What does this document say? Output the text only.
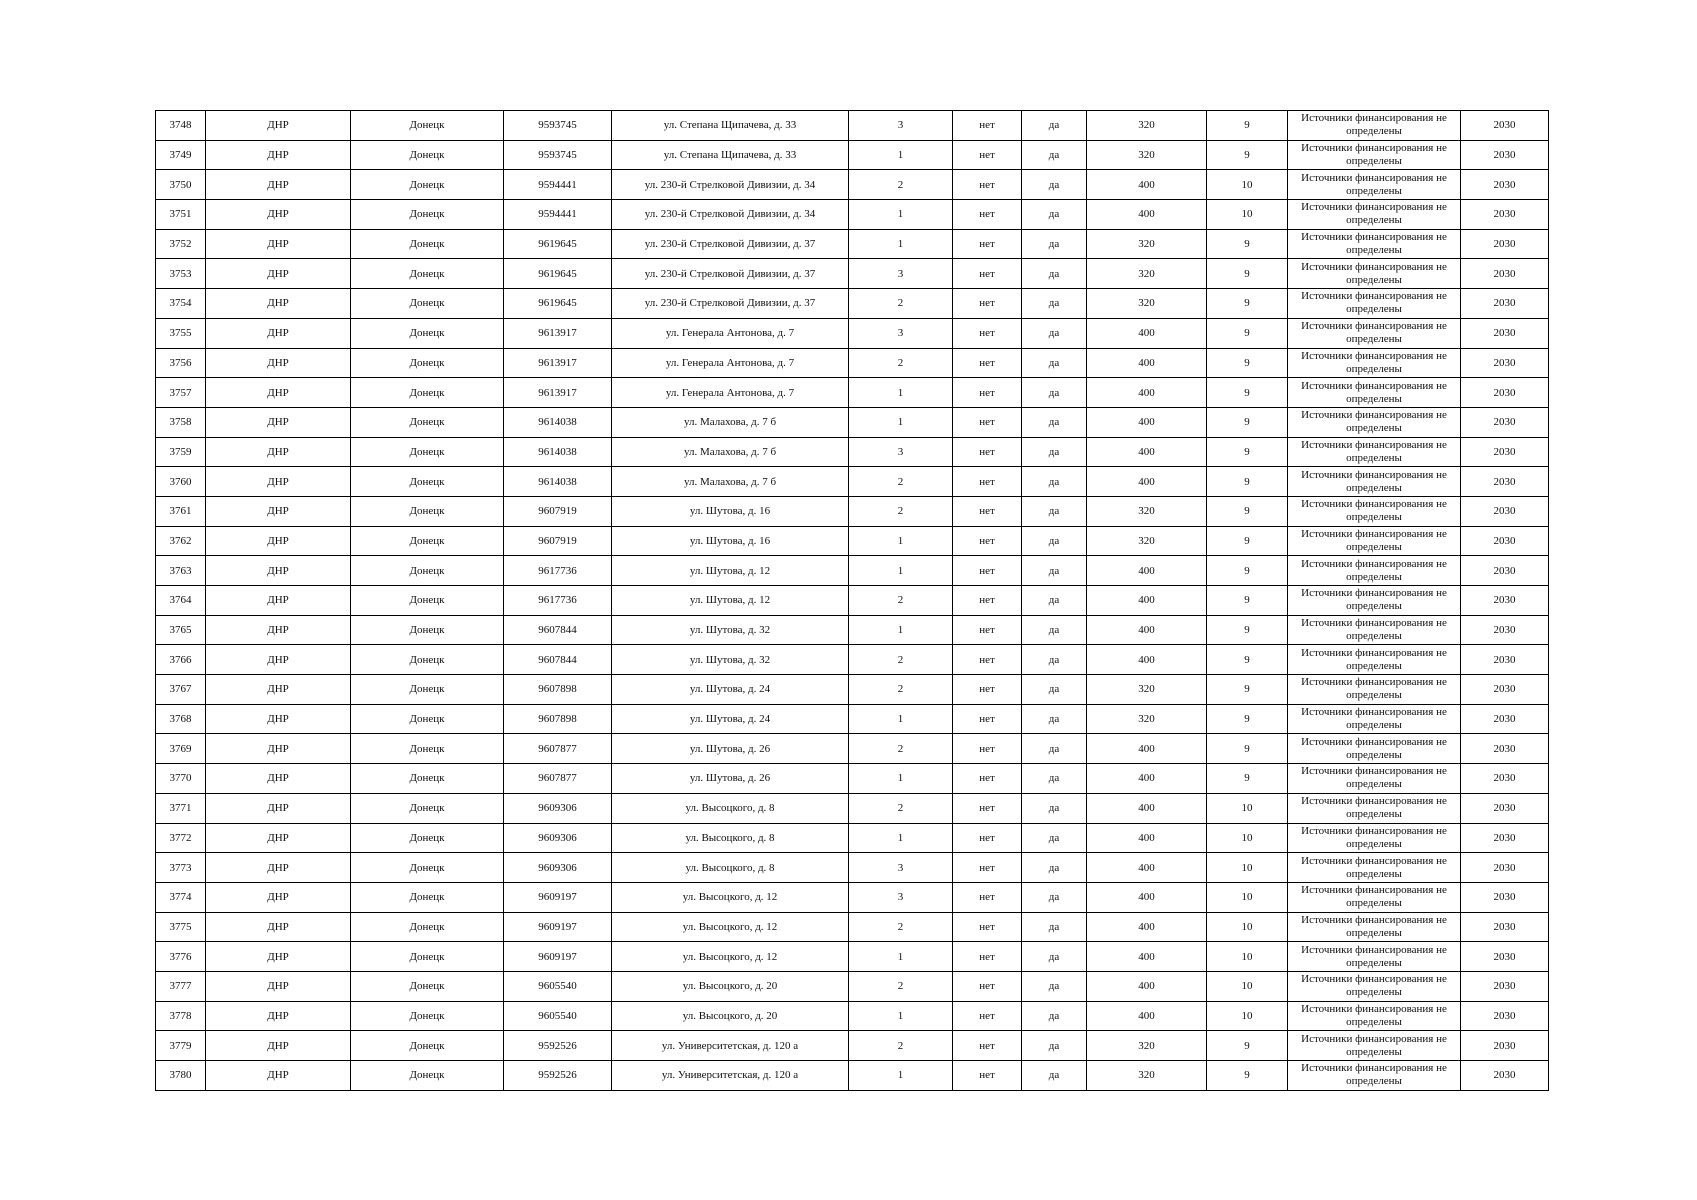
3748	ДНР	Донецк	9593745	ул. Степана Щипачева, д. 33	3	нет	да	320	9	Источники финансирования не определены	2030
3749	ДНР	Донецк	9593745	ул. Степана Щипачева, д. 33	1	нет	да	320	9	Источники финансирования не определены	2030
3750	ДНР	Донецк	9594441	ул. 230-й Стрелковой Дивизии, д. 34	2	нет	да	400	10	Источники финансирования не определены	2030
3751	ДНР	Донецк	9594441	ул. 230-й Стрелковой Дивизии, д. 34	1	нет	да	400	10	Источники финансирования не определены	2030
3752	ДНР	Донецк	9619645	ул. 230-й Стрелковой Дивизии, д. 37	1	нет	да	320	9	Источники финансирования не определены	2030
3753	ДНР	Донецк	9619645	ул. 230-й Стрелковой Дивизии, д. 37	3	нет	да	320	9	Источники финансирования не определены	2030
3754	ДНР	Донецк	9619645	ул. 230-й Стрелковой Дивизии, д. 37	2	нет	да	320	9	Источники финансирования не определены	2030
3755	ДНР	Донецк	9613917	ул. Генерала Антонова, д. 7	3	нет	да	400	9	Источники финансирования не определены	2030
3756	ДНР	Донецк	9613917	ул. Генерала Антонова, д. 7	2	нет	да	400	9	Источники финансирования не определены	2030
3757	ДНР	Донецк	9613917	ул. Генерала Антонова, д. 7	1	нет	да	400	9	Источники финансирования не определены	2030
3758	ДНР	Донецк	9614038	ул. Малахова, д. 7 б	1	нет	да	400	9	Источники финансирования не определены	2030
3759	ДНР	Донецк	9614038	ул. Малахова, д. 7 б	3	нет	да	400	9	Источники финансирования не определены	2030
3760	ДНР	Донецк	9614038	ул. Малахова, д. 7 б	2	нет	да	400	9	Источники финансирования не определены	2030
3761	ДНР	Донецк	9607919	ул. Шутова, д. 16	2	нет	да	320	9	Источники финансирования не определены	2030
3762	ДНР	Донецк	9607919	ул. Шутова, д. 16	1	нет	да	320	9	Источники финансирования не определены	2030
3763	ДНР	Донецк	9617736	ул. Шутова, д. 12	1	нет	да	400	9	Источники финансирования не определены	2030
3764	ДНР	Донецк	9617736	ул. Шутова, д. 12	2	нет	да	400	9	Источники финансирования не определены	2030
3765	ДНР	Донецк	9607844	ул. Шутова, д. 32	1	нет	да	400	9	Источники финансирования не определены	2030
3766	ДНР	Донецк	9607844	ул. Шутова, д. 32	2	нет	да	400	9	Источники финансирования не определены	2030
3767	ДНР	Донецк	9607898	ул. Шутова, д. 24	2	нет	да	320	9	Источники финансирования не определены	2030
3768	ДНР	Донецк	9607898	ул. Шутова, д. 24	1	нет	да	320	9	Источники финансирования не определены	2030
3769	ДНР	Донецк	9607877	ул. Шутова, д. 26	2	нет	да	400	9	Источники финансирования не определены	2030
3770	ДНР	Донецк	9607877	ул. Шутова, д. 26	1	нет	да	400	9	Источники финансирования не определены	2030
3771	ДНР	Донецк	9609306	ул. Высоцкого, д. 8	2	нет	да	400	10	Источники финансирования не определены	2030
3772	ДНР	Донецк	9609306	ул. Высоцкого, д. 8	1	нет	да	400	10	Источники финансирования не определены	2030
3773	ДНР	Донецк	9609306	ул. Высоцкого, д. 8	3	нет	да	400	10	Источники финансирования не определены	2030
3774	ДНР	Донецк	9609197	ул. Высоцкого, д. 12	3	нет	да	400	10	Источники финансирования не определены	2030
3775	ДНР	Донецк	9609197	ул. Высоцкого, д. 12	2	нет	да	400	10	Источники финансирования не определены	2030
3776	ДНР	Донецк	9609197	ул. Высоцкого, д. 12	1	нет	да	400	10	Источники финансирования не определены	2030
3777	ДНР	Донецк	9605540	ул. Высоцкого, д. 20	2	нет	да	400	10	Источники финансирования не определены	2030
3778	ДНР	Донецк	9605540	ул. Высоцкого, д. 20	1	нет	да	400	10	Источники финансирования не определены	2030
3779	ДНР	Донецк	9592526	ул. Университетская, д. 120 а	2	нет	да	320	9	Источники финансирования не определены	2030
3780	ДНР	Донецк	9592526	ул. Университетская, д. 120 а	1	нет	да	320	9	Источники финансирования не определены	2030
